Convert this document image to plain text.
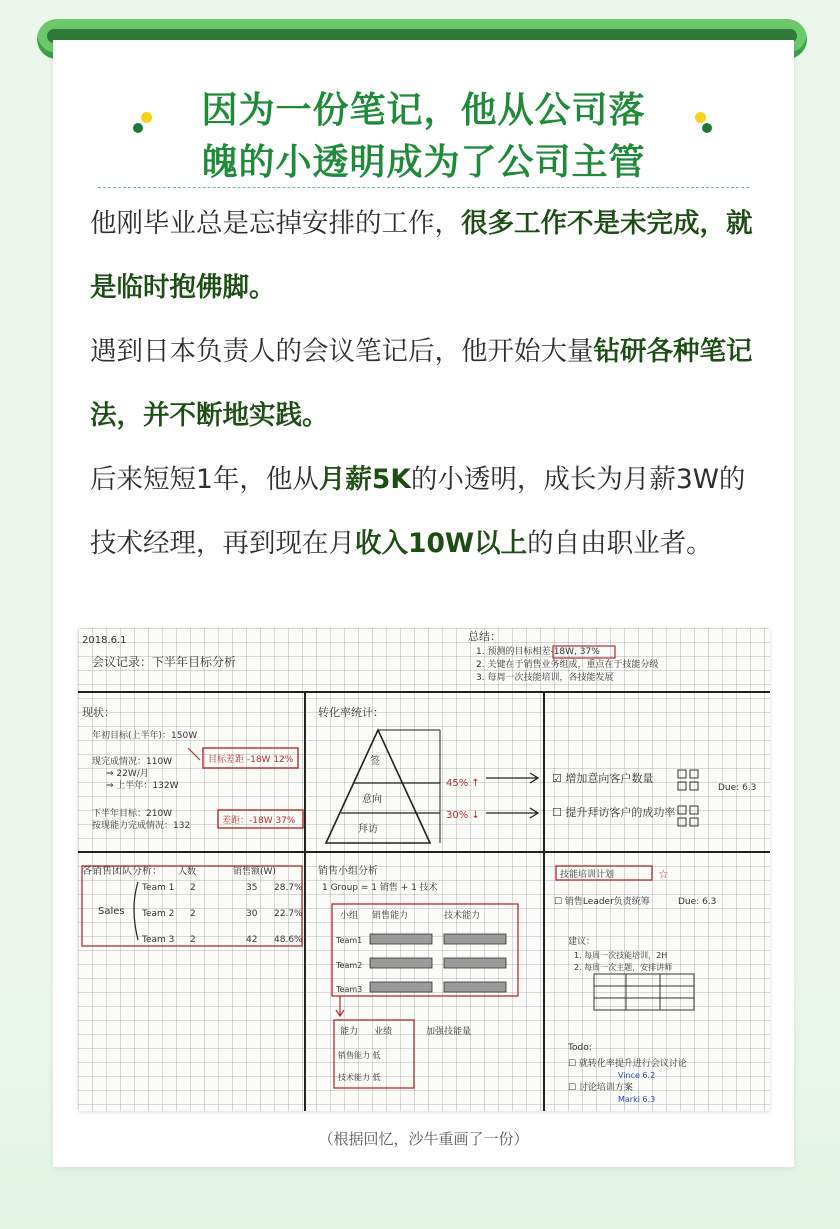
因为一份笔记，他从公司落
魄的小透明成为了公司主管

他刚毕业总是忘掉安排的工作，很多工作不是未完成，就是临时抱佛脚。

遇到日本负责人的会议笔记后，他开始大量钻研各种笔记法，并不断地实践。

后来短短1年，他从月薪5K的小透明，成长为月薪3W的技术经理，再到现在月收入10W以上的自由职业者。

2018.6.1
会议记录：下半年目标分析
总结：
1. 预测的目标相差-18W, 37%
2. 关键在于销售业务组成，重点在于技能分级
3. 每周一次技能培训，各技能发展
现状：
年初目标(上半年)：150W
现完成情况：110W
⇒ 22W/月
⇒ 上半年：132W
下半年目标：210W
按现能力完成情况：132
目标差距 -18W 12%
差距：-18W 37%
转化率统计：
签
意向
拜访
45% ↑
30% ↓
☑ 增加意向客户数量
☐ 提升拜访客户的成功率
Due: 6.3
各销售团队分析： 人数	销售额(W)
Sales
Team 1 2	35 28.7%
Team 2 2	30 22.7%
Team 3 2	42 48.6%
销售小组分析
1 Group = 1 销售 + 1 技术
小组 销售能力	技术能力
Team1
Team2
Team3
能力 业绩
销售能力 低
技术能力 低
加强技能量
技能培训计划	☆
☐ 销售Leader负责统筹	Due: 6.3
建议：
1. 每周一次技能培训，2H
2. 每周一次主题，安排讲师
Todo:
☐ 就转化率提升进行会议讨论
☐ 讨论培训方案
Vince 6.2
Marki 6.3
（根据回忆，沙牛重画了一份）
